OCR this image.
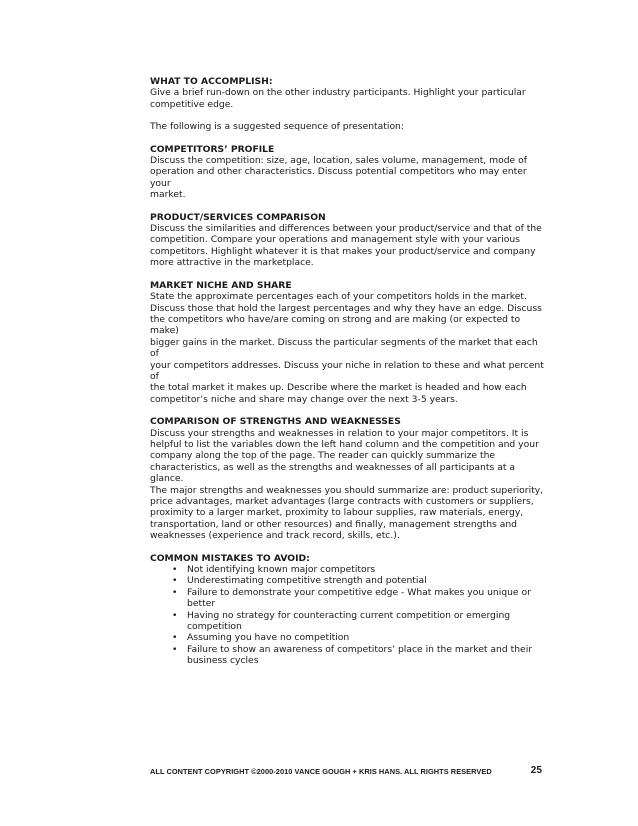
WHAT TO ACCOMPLISH:

Give a brief run-down on the other industry participants. Highlight your particular
competitive edge.

The following is a suggested sequence of presentation:

COMPETITORS’ PROFILE

Discuss the competition: size, age, location, sales volume, management, mode of
operation and other characteristics. Discuss potential competitors who may enter your
market.

PRODUCT/SERVICES COMPARISON

Discuss the similarities and differences between your product/service and that of the
competition. Compare your operations and management style with your various
competitors. Highlight whatever it is that makes your product/service and company
more attractive in the marketplace.

MARKET NICHE AND SHARE

State the approximate percentages each of your competitors holds in the market.
Discuss those that hold the largest percentages and why they have an edge. Discuss
the competitors who have/are coming on strong and are making (or expected to make)
bigger gains in the market. Discuss the particular segments of the market that each of
your competitors addresses. Discuss your niche in relation to these and what percent of
the total market it makes up. Describe where the market is headed and how each
competitor’s niche and share may change over the next 3-5 years.

COMPARISON OF STRENGTHS AND WEAKNESSES

Discuss your strengths and weaknesses in relation to your major competitors. It is
helpful to list the variables down the left hand column and the competition and your
company along the top of the page. The reader can quickly summarize the
characteristics, as well as the strengths and weaknesses of all participants at a glance.
The major strengths and weaknesses you should summarize are: product superiority,
price advantages, market advantages (large contracts with customers or suppliers,
proximity to a larger market, proximity to labour supplies, raw materials, energy,
transportation, land or other resources) and finally, management strengths and
weaknesses (experience and track record, skills, etc.).

COMMON MISTAKES TO AVOID:

• Not identifying known major competitors
• Underestimating competitive strength and potential
• Failure to demonstrate your competitive edge - What makes you unique or
better
• Having no strategy for counteracting current competition or emerging
competition
• Assuming you have no competition
• Failure to show an awareness of competitors’ place in the market and their
business cycles
ALL CONTENT COPYRIGHT ©2000-2010 VANCE GOUGH + KRIS HANS. ALL RIGHTS RESERVED	25
